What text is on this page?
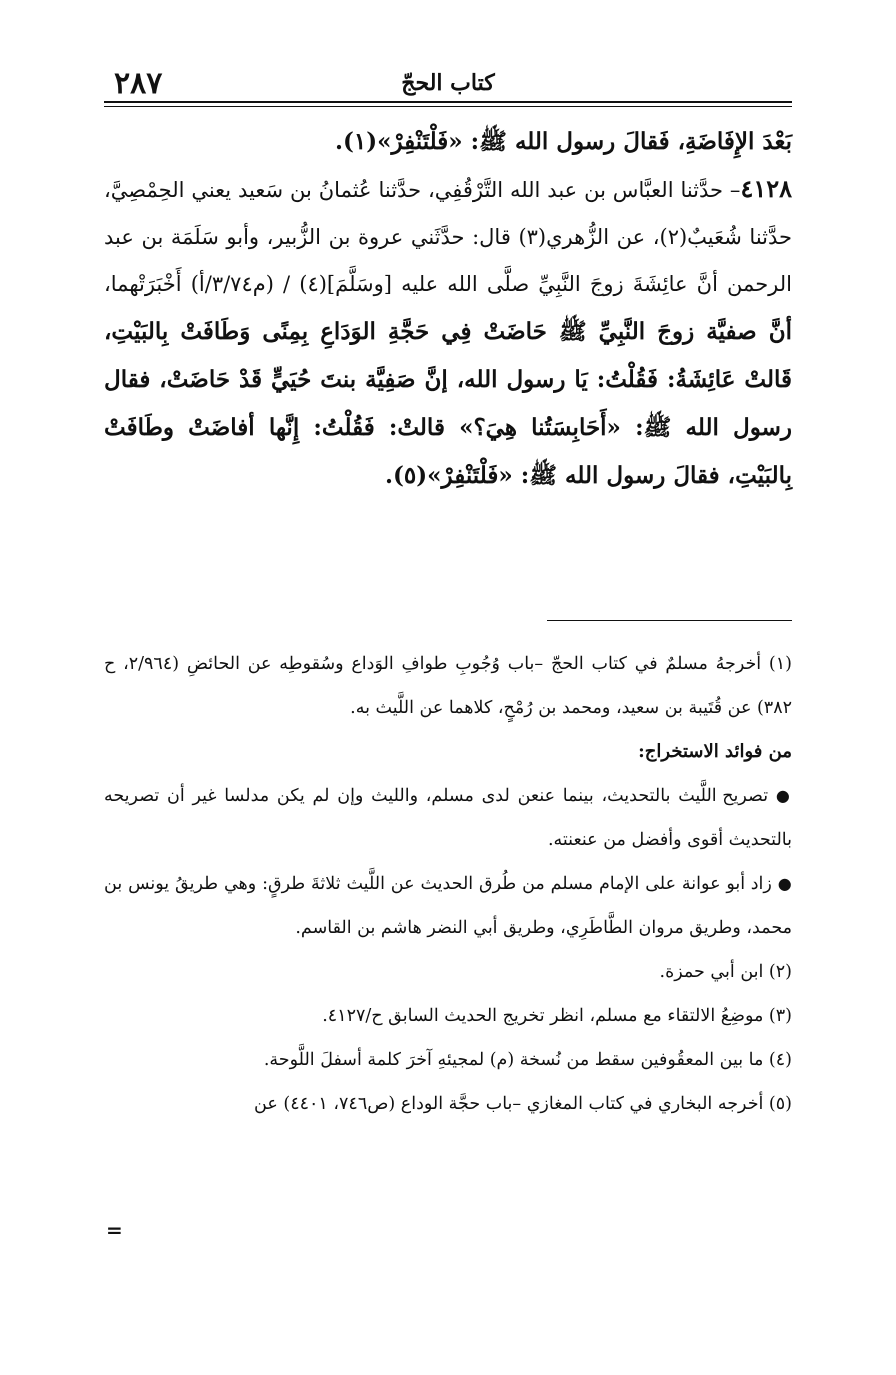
٢٨٧	كتاب الحجّ

بَعْدَ الإِفَاضَةِ، فَقالَ رسول الله ﷺ: «فَلْتَنْفِرْ»(١).

٤١٢٨– حدَّثنا العبَّاس بن عبد الله التَّرْقُفِي، حدَّثنا عُثمانُ بن سَعيد يعني الحِمْصِيَّ، حدَّثنا شُعَيبٌ(٢)، عن الزُّهري(٣) قال: حدَّثَني عروة بن الزُّبير، وأبو سَلَمَة بن عبد الرحمن أنَّ عائِشَةَ زوجَ النَّبِيِّ صلَّى الله عليه [وسَلَّمَ](٤) / (م٣/٧٤/أ) أَخْبَرَتْهما، أنَّ صفيَّة زوجَ النَّبِيِّ ﷺ حَاضَتْ فِي حَجَّةِ الوَدَاعِ بِمِنًى وَطَافَتْ بِالبَيْتِ، قَالتْ عَائِشَةُ: فَقُلْتُ: يَا رسول الله، إنَّ صَفِيَّة بنتَ حُيَيٍّ قَدْ حَاضَتْ، فقال رسول الله ﷺ: «أَحَابِسَتُنا هِيَ؟» قالتْ: فَقُلْتُ: إِنَّها أفاضَتْ وطَافَتْ بِالبَيْتِ، فقالَ رسول الله ﷺ: «فَلْتَنْفِرْ»(٥).

(١) أخرجهُ مسلمٌ في كتاب الحجّ –باب وُجُوبِ طوافِ الوَداع وسُقوطِه عن الحائضِ (٢/٩٦٤، ح ٣٨٢) عن قُتَيبة بن سعيد، ومحمد بن رُمْحٍ، كلاهما عن اللَّيث به.

من فوائد الاستخراج:

● تصريح اللَّيث بالتحديث، بينما عنعن لدى مسلم، والليث وإن لم يكن مدلسا غير أن تصريحه بالتحديث أقوى وأفضل من عنعنته.

● زاد أبو عوانة على الإمام مسلم من طُرق الحديث عن اللَّيث ثلاثةَ طرقٍ: وهي طريقُ يونس بن محمد، وطريق مروان الطَّاطَرِي، وطريق أبي النضر هاشم بن القاسم.

(٢) ابن أبي حمزة.

(٣) موضِعُ الالتقاء مع مسلم، انظر تخريج الحديث السابق ح/٤١٢٧.

(٤) ما بين المعقُوفين سقط من نُسخة (م) لمجيئهِ آخرَ كلمة أسفلَ اللَّوحة.

(٥) أخرجه البخاري في كتاب المغازي –باب حجَّة الوداع (ص٧٤٦، ٤٤٠١) عن

=
